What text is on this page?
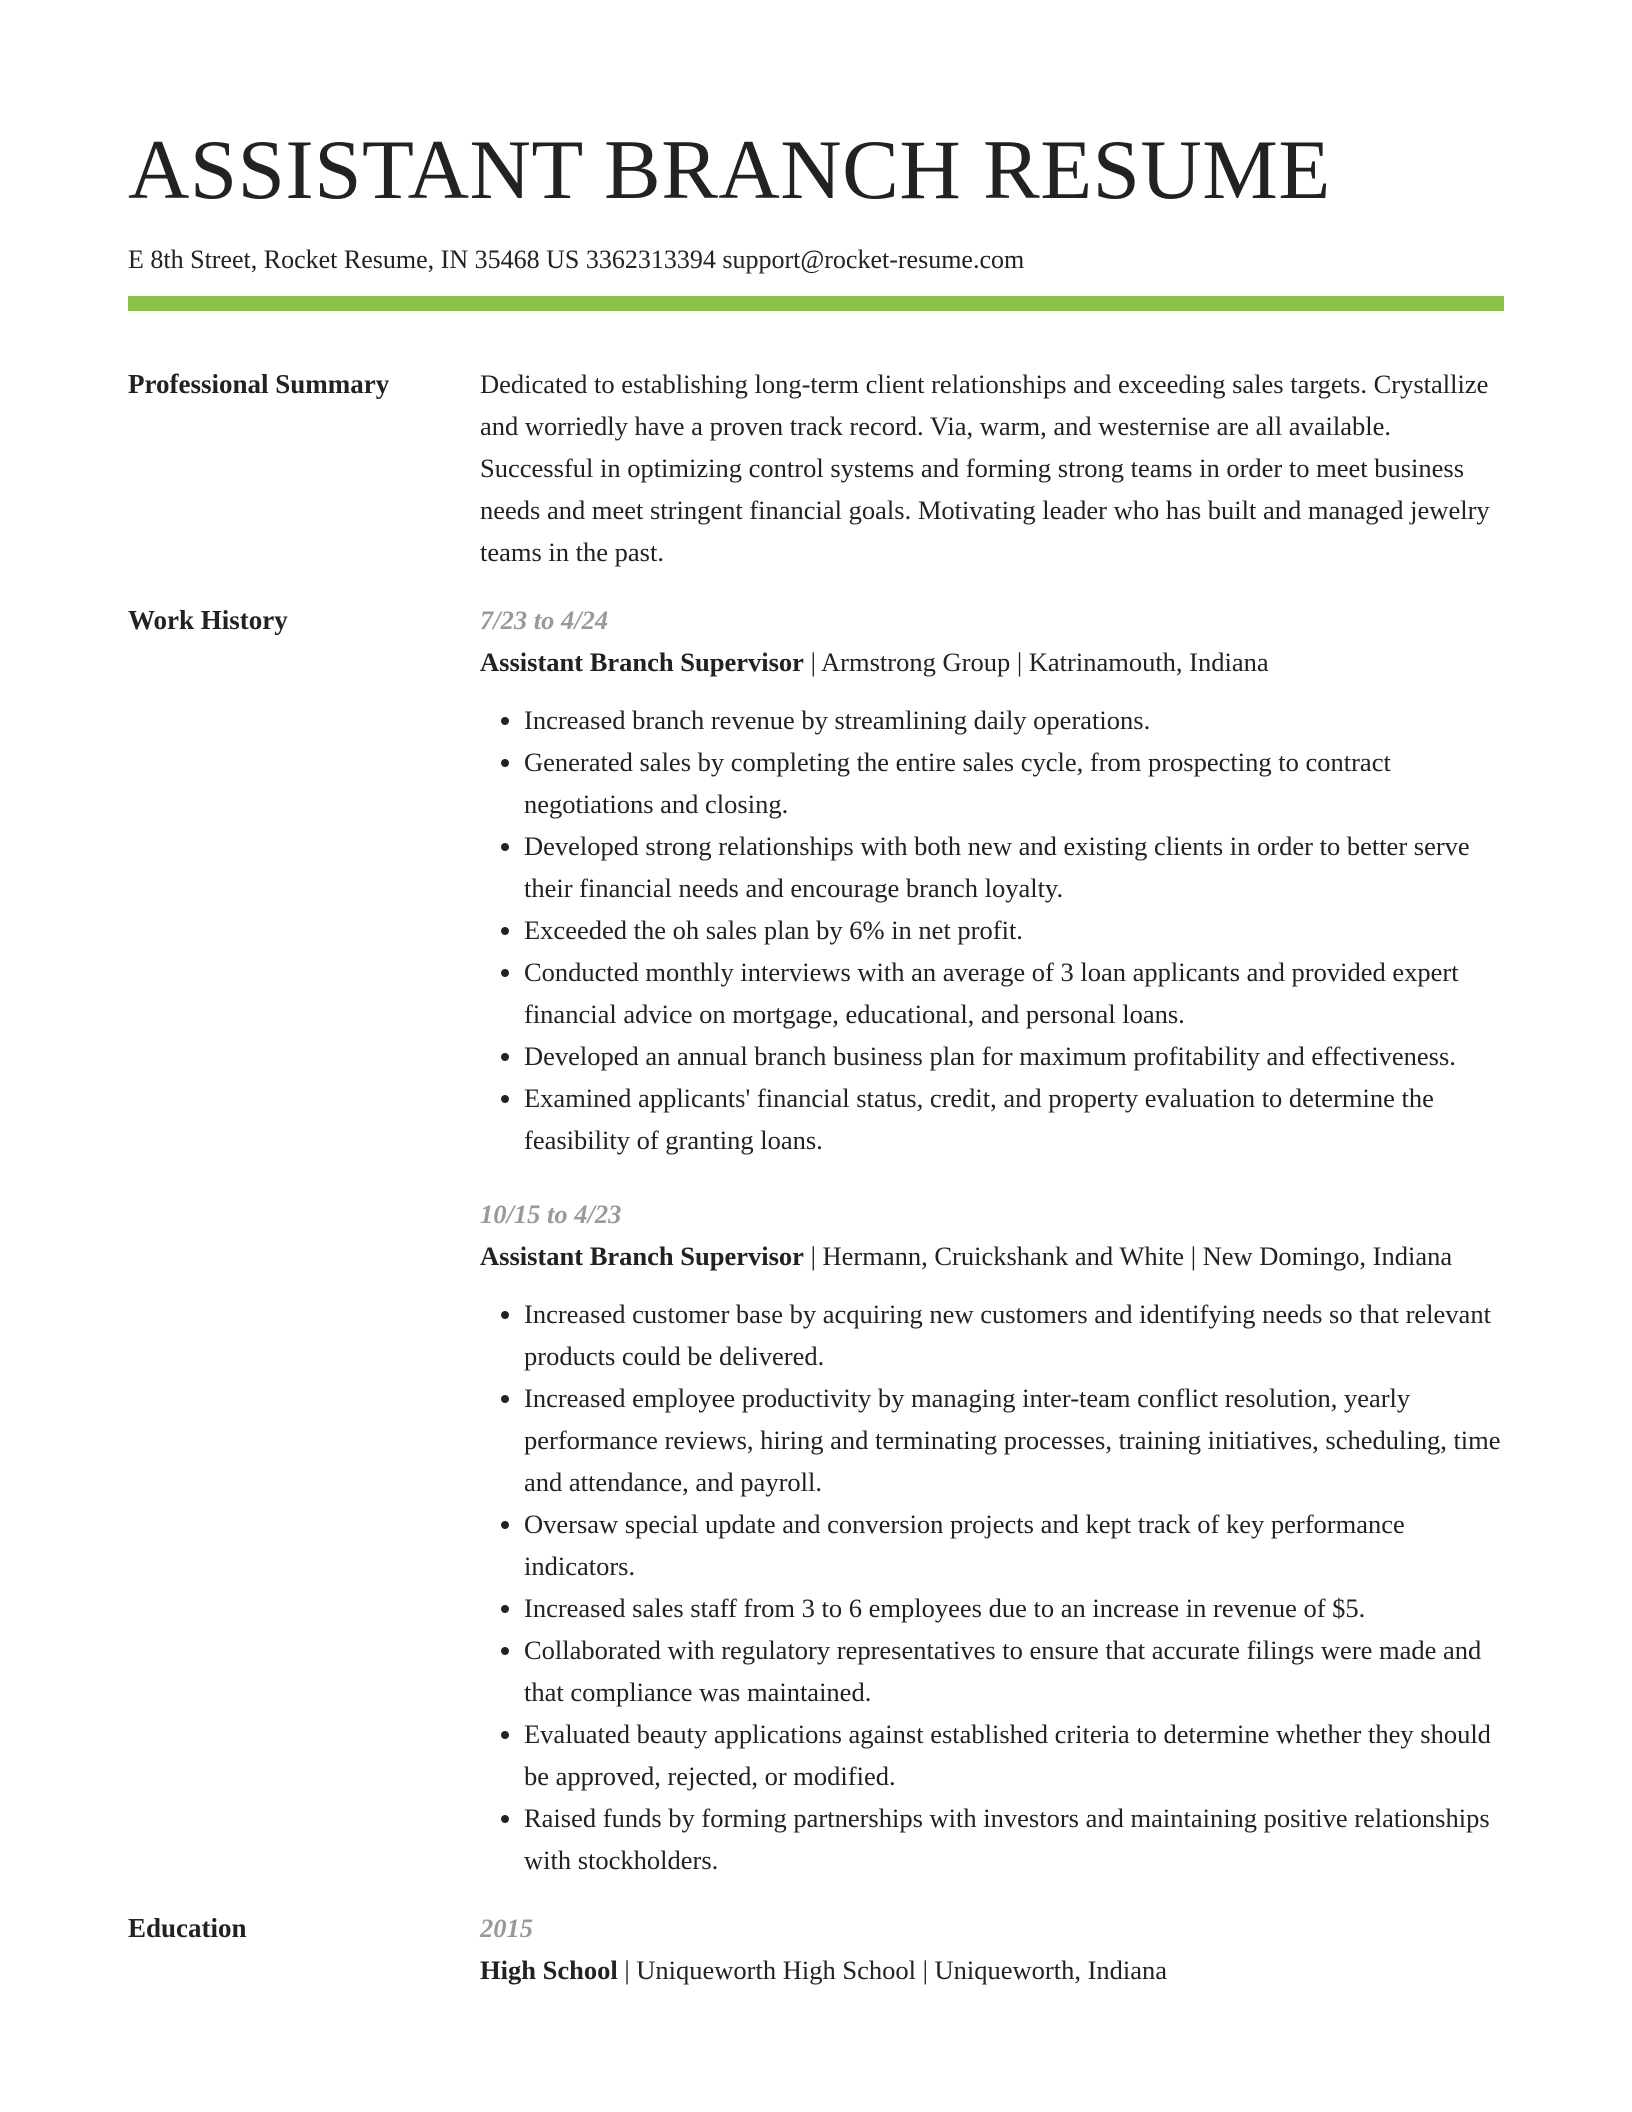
ASSISTANT BRANCH RESUME
E 8th Street, Rocket Resume, IN 35468 US 3362313394 support@rocket-resume.com
Professional Summary	Dedicated to establishing long-term client relationships and exceeding sales targets. Crystallize and worriedly have a proven track record. Via, warm, and westernise are all available. Successful in optimizing control systems and forming strong teams in order to meet business needs and meet stringent financial goals. Motivating leader who has built and managed jewelry teams in the past.

Work History	7/23 to 4/24
Assistant Branch Supervisor | Armstrong Group | Katrinamouth, Indiana
• Increased branch revenue by streamlining daily operations.
• Generated sales by completing the entire sales cycle, from prospecting to contract negotiations and closing.
• Developed strong relationships with both new and existing clients in order to better serve their financial needs and encourage branch loyalty.
• Exceeded the oh sales plan by 6% in net profit.
• Conducted monthly interviews with an average of 3 loan applicants and provided expert financial advice on mortgage, educational, and personal loans.
• Developed an annual branch business plan for maximum profitability and effectiveness.
• Examined applicants' financial status, credit, and property evaluation to determine the feasibility of granting loans.
10/15 to 4/23
Assistant Branch Supervisor | Hermann, Cruickshank and White | New Domingo, Indiana
• Increased customer base by acquiring new customers and identifying needs so that relevant products could be delivered.
• Increased employee productivity by managing inter-team conflict resolution, yearly performance reviews, hiring and terminating processes, training initiatives, scheduling, time and attendance, and payroll.
• Oversaw special update and conversion projects and kept track of key performance indicators.
• Increased sales staff from 3 to 6 employees due to an increase in revenue of $5.
• Collaborated with regulatory representatives to ensure that accurate filings were made and that compliance was maintained.
• Evaluated beauty applications against established criteria to determine whether they should be approved, rejected, or modified.
• Raised funds by forming partnerships with investors and maintaining positive relationships with stockholders.
Education	2015
High School | Uniqueworth High School | Uniqueworth, Indiana
